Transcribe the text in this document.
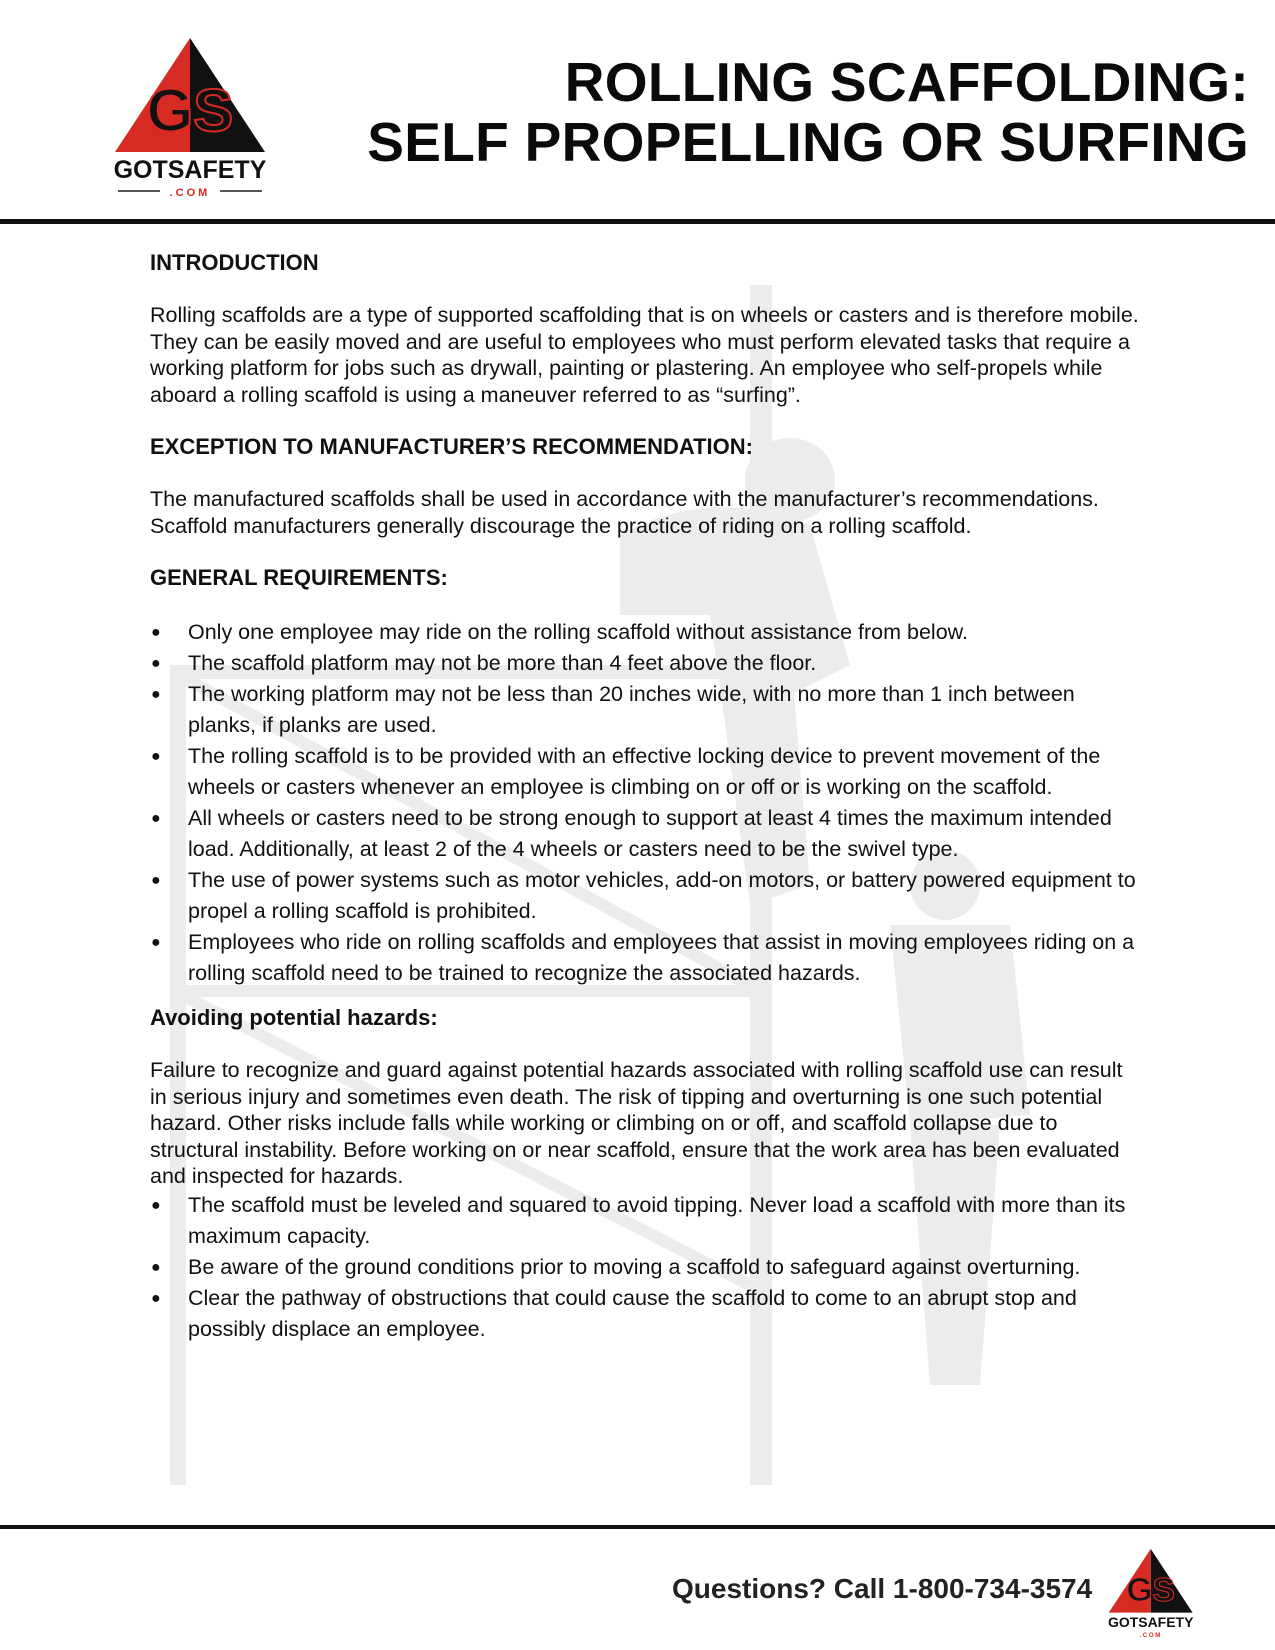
GS
GOTSAFETY
.COM
ROLLING SCAFFOLDING:
SELF PROPELLING OR SURFING
INTRODUCTION

Rolling scaffolds are a type of supported scaffolding that is on wheels or casters and is therefore mobile. They can be easily moved and are useful to employees who must perform elevated tasks that require a working platform for jobs such as drywall, painting or plastering. An employee who self-propels while aboard a rolling scaffold is using a maneuver referred to as “surfing”.

EXCEPTION TO MANUFACTURER’S RECOMMENDATION:

The manufactured scaffolds shall be used in accordance with the manufacturer’s recommendations. Scaffold manufacturers generally discourage the practice of riding on a rolling scaffold.

GENERAL REQUIREMENTS:
● Only one employee may ride on the rolling scaffold without assistance from below.
● The scaffold platform may not be more than 4 feet above the floor.
● The working platform may not be less than 20 inches wide, with no more than 1 inch between planks, if planks are used.
● The rolling scaffold is to be provided with an effective locking device to prevent movement of the wheels or casters whenever an employee is climbing on or off or is working on the scaffold.
● All wheels or casters need to be strong enough to support at least 4 times the maximum intended load. Additionally, at least 2 of the 4 wheels or casters need to be the swivel type.
● The use of power systems such as motor vehicles, add-on motors, or battery powered equipment to propel a rolling scaffold is prohibited.
● Employees who ride on rolling scaffolds and employees that assist in moving employees riding on a rolling scaffold need to be trained to recognize the associated hazards.
Avoiding potential hazards:

Failure to recognize and guard against potential hazards associated with rolling scaffold use can result in serious injury and sometimes even death. The risk of tipping and overturning is one such potential hazard. Other risks include falls while working or climbing on or off, and scaffold collapse due to structural instability. Before working on or near scaffold, ensure that the work area has been evaluated and inspected for hazards.

● The scaffold must be leveled and squared to avoid tipping. Never load a scaffold with more than its maximum capacity.
● Be aware of the ground conditions prior to moving a scaffold to safeguard against overturning.
● Clear the pathway of obstructions that could cause the scaffold to come to an abrupt stop and possibly displace an employee.
Questions? Call 1-800-734-3574 GS
GOTSAFETY
.COM
